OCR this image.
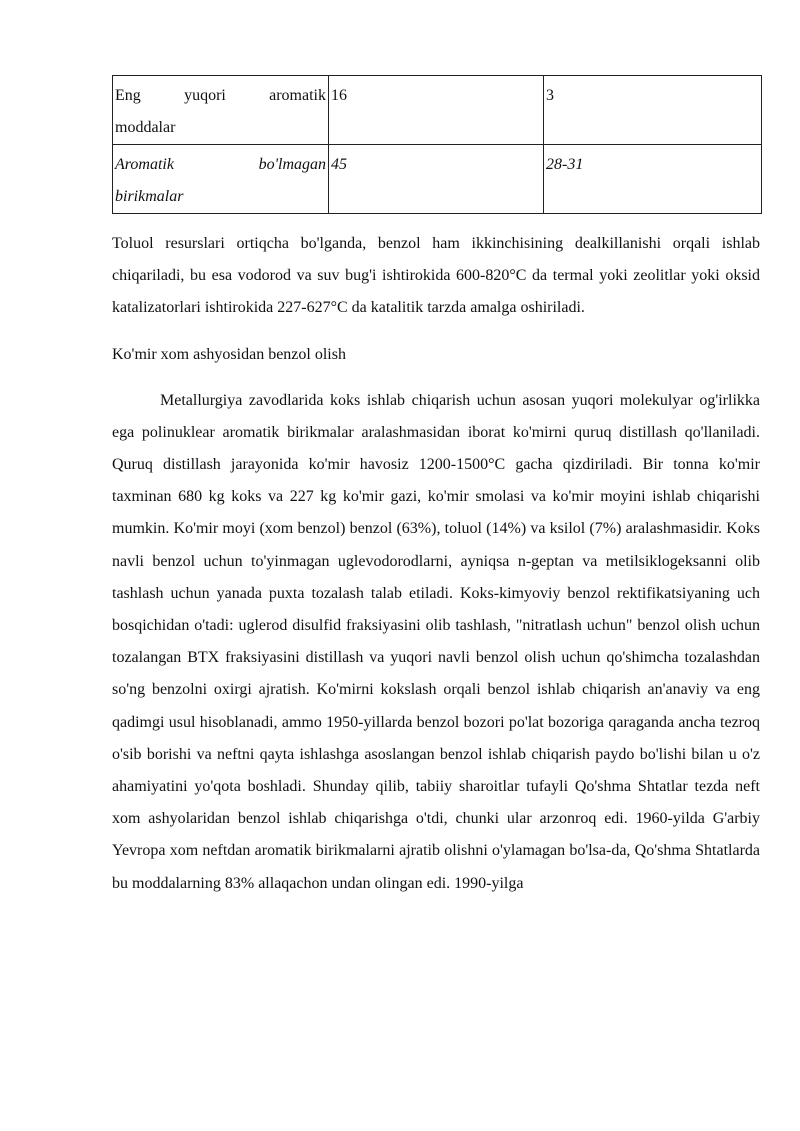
Eng yuqori aromatik
moddalar	16	3
Aromatik bo'lmagan
birikmalar	45	28-31

Toluol resurslari ortiqcha bo'lganda, benzol ham ikkinchisining dealkillanishi orqali ishlab chiqariladi, bu esa vodorod va suv bug'i ishtirokida 600-820°C da termal yoki zeolitlar yoki oksid katalizatorlari ishtirokida 227-627°C da katalitik tarzda amalga oshiriladi.

Ko'mir xom ashyosidan benzol olish

Metallurgiya zavodlarida koks ishlab chiqarish uchun asosan yuqori molekulyar og'irlikka ega polinuklear aromatik birikmalar aralashmasidan iborat ko'mirni quruq distillash qo'llaniladi. Quruq distillash jarayonida ko'mir havosiz 1200-1500°C gacha qizdiriladi. Bir tonna ko'mir taxminan 680 kg koks va 227 kg ko'mir gazi, ko'mir smolasi va ko'mir moyini ishlab chiqarishi mumkin. Ko'mir moyi (xom benzol) benzol (63%), toluol (14%) va ksilol (7%) aralashmasidir. Koks navli benzol uchun to'yinmagan uglevodorodlarni, ayniqsa n-geptan va metilsiklogeksanni olib tashlash uchun yanada puxta tozalash talab etiladi. Koks-kimyoviy benzol rektifikatsiyaning uch bosqichidan o'tadi: uglerod disulfid fraksiyasini olib tashlash, "nitratlash uchun" benzol olish uchun tozalangan BTX fraksiyasini distillash va yuqori navli benzol olish uchun qo'shimcha tozalashdan so'ng benzolni oxirgi ajratish. Ko'mirni kokslash orqali benzol ishlab chiqarish an'anaviy va eng qadimgi usul hisoblanadi, ammo 1950-yillarda benzol bozori po'lat bozoriga qaraganda ancha tezroq o'sib borishi va neftni qayta ishlashga asoslangan benzol ishlab chiqarish paydo bo'lishi bilan u o'z ahamiyatini yo'qota boshladi. Shunday qilib, tabiiy sharoitlar tufayli Qo'shma Shtatlar tezda neft xom ashyolaridan benzol ishlab chiqarishga o'tdi, chunki ular arzonroq edi. 1960-yilda G'arbiy Yevropa xom neftdan aromatik birikmalarni ajratib olishni o'ylamagan bo'lsa-da, Qo'shma Shtatlarda bu moddalarning 83% allaqachon undan olingan edi. 1990-yilga
